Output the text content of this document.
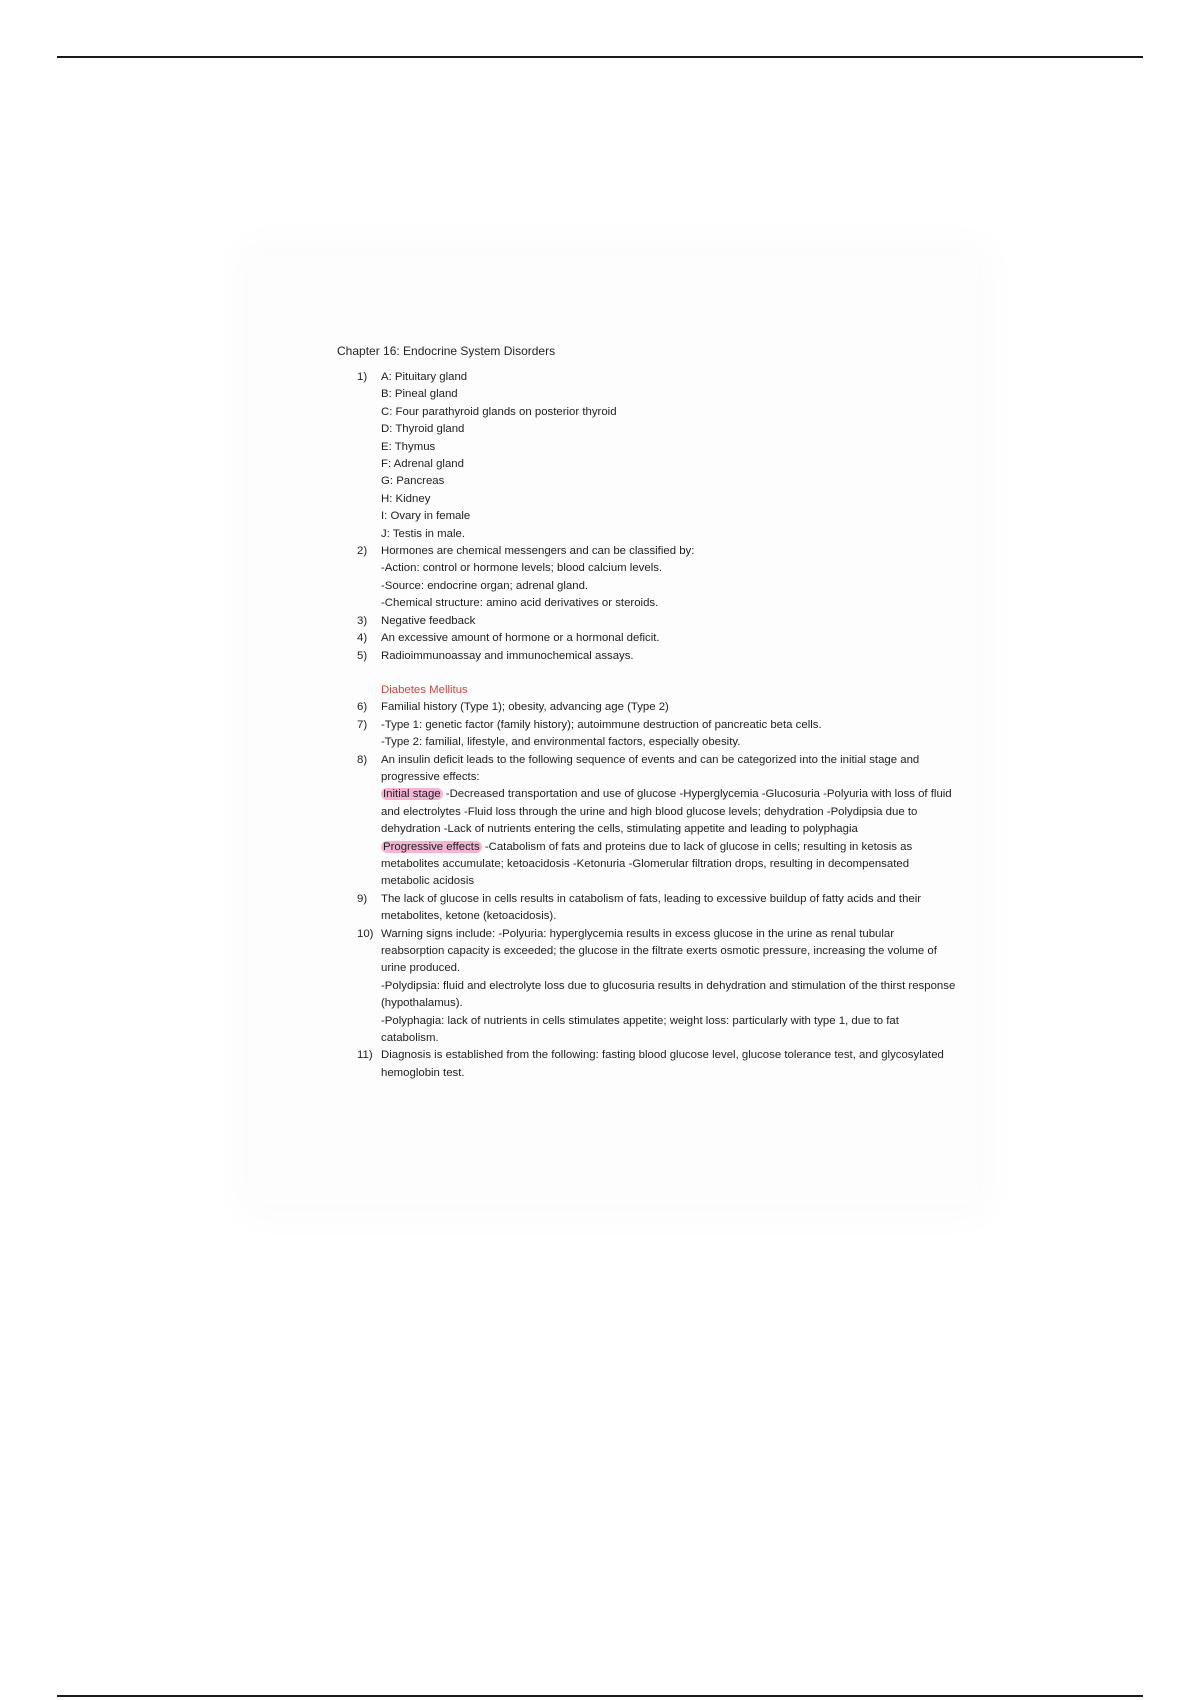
Chapter 16: Endocrine System Disorders
1)	A: Pituitary gland
B: Pineal gland
C: Four parathyroid glands on posterior thyroid
D: Thyroid gland
E: Thymus
F: Adrenal gland
G: Pancreas
H: Kidney
I: Ovary in female
J: Testis in male.
2)	Hormones are chemical messengers and can be classified by:
-Action: control or hormone levels; blood calcium levels.
-Source: endocrine organ; adrenal gland.
-Chemical structure: amino acid derivatives or steroids.
3)	Negative feedback
4)	An excessive amount of hormone or a hormonal deficit.
5)	Radioimmunoassay and immunochemical assays.
Diabetes Mellitus
6)	Familial history (Type 1); obesity, advancing age (Type 2)
7)	-Type 1: genetic factor (family history); autoimmune destruction of pancreatic beta cells.
-Type 2: familial, lifestyle, and environmental factors, especially obesity.
8)	An insulin deficit leads to the following sequence of events and can be categorized into the initial stage and progressive effects:
Initial stage -Decreased transportation and use of glucose -Hyperglycemia -Glucosuria -Polyuria with loss of fluid and electrolytes -Fluid loss through the urine and high blood glucose levels; dehydration -Polydipsia due to dehydration -Lack of nutrients entering the cells, stimulating appetite and leading to polyphagia
Progressive effects -Catabolism of fats and proteins due to lack of glucose in cells; resulting in ketosis as metabolites accumulate; ketoacidosis -Ketonuria -Glomerular filtration drops, resulting in decompensated metabolic acidosis
9)	The lack of glucose in cells results in catabolism of fats, leading to excessive buildup of fatty acids and their metabolites, ketone (ketoacidosis).
10) Warning signs include: -Polyuria: hyperglycemia results in excess glucose in the urine as renal tubular reabsorption capacity is exceeded; the glucose in the filtrate exerts osmotic pressure, increasing the volume of urine produced.
-Polydipsia: fluid and electrolyte loss due to glucosuria results in dehydration and stimulation of the thirst response (hypothalamus).
-Polyphagia: lack of nutrients in cells stimulates appetite; weight loss: particularly with type 1, due to fat catabolism.
11) Diagnosis is established from the following: fasting blood glucose level, glucose tolerance test, and glycosylated hemoglobin test.
